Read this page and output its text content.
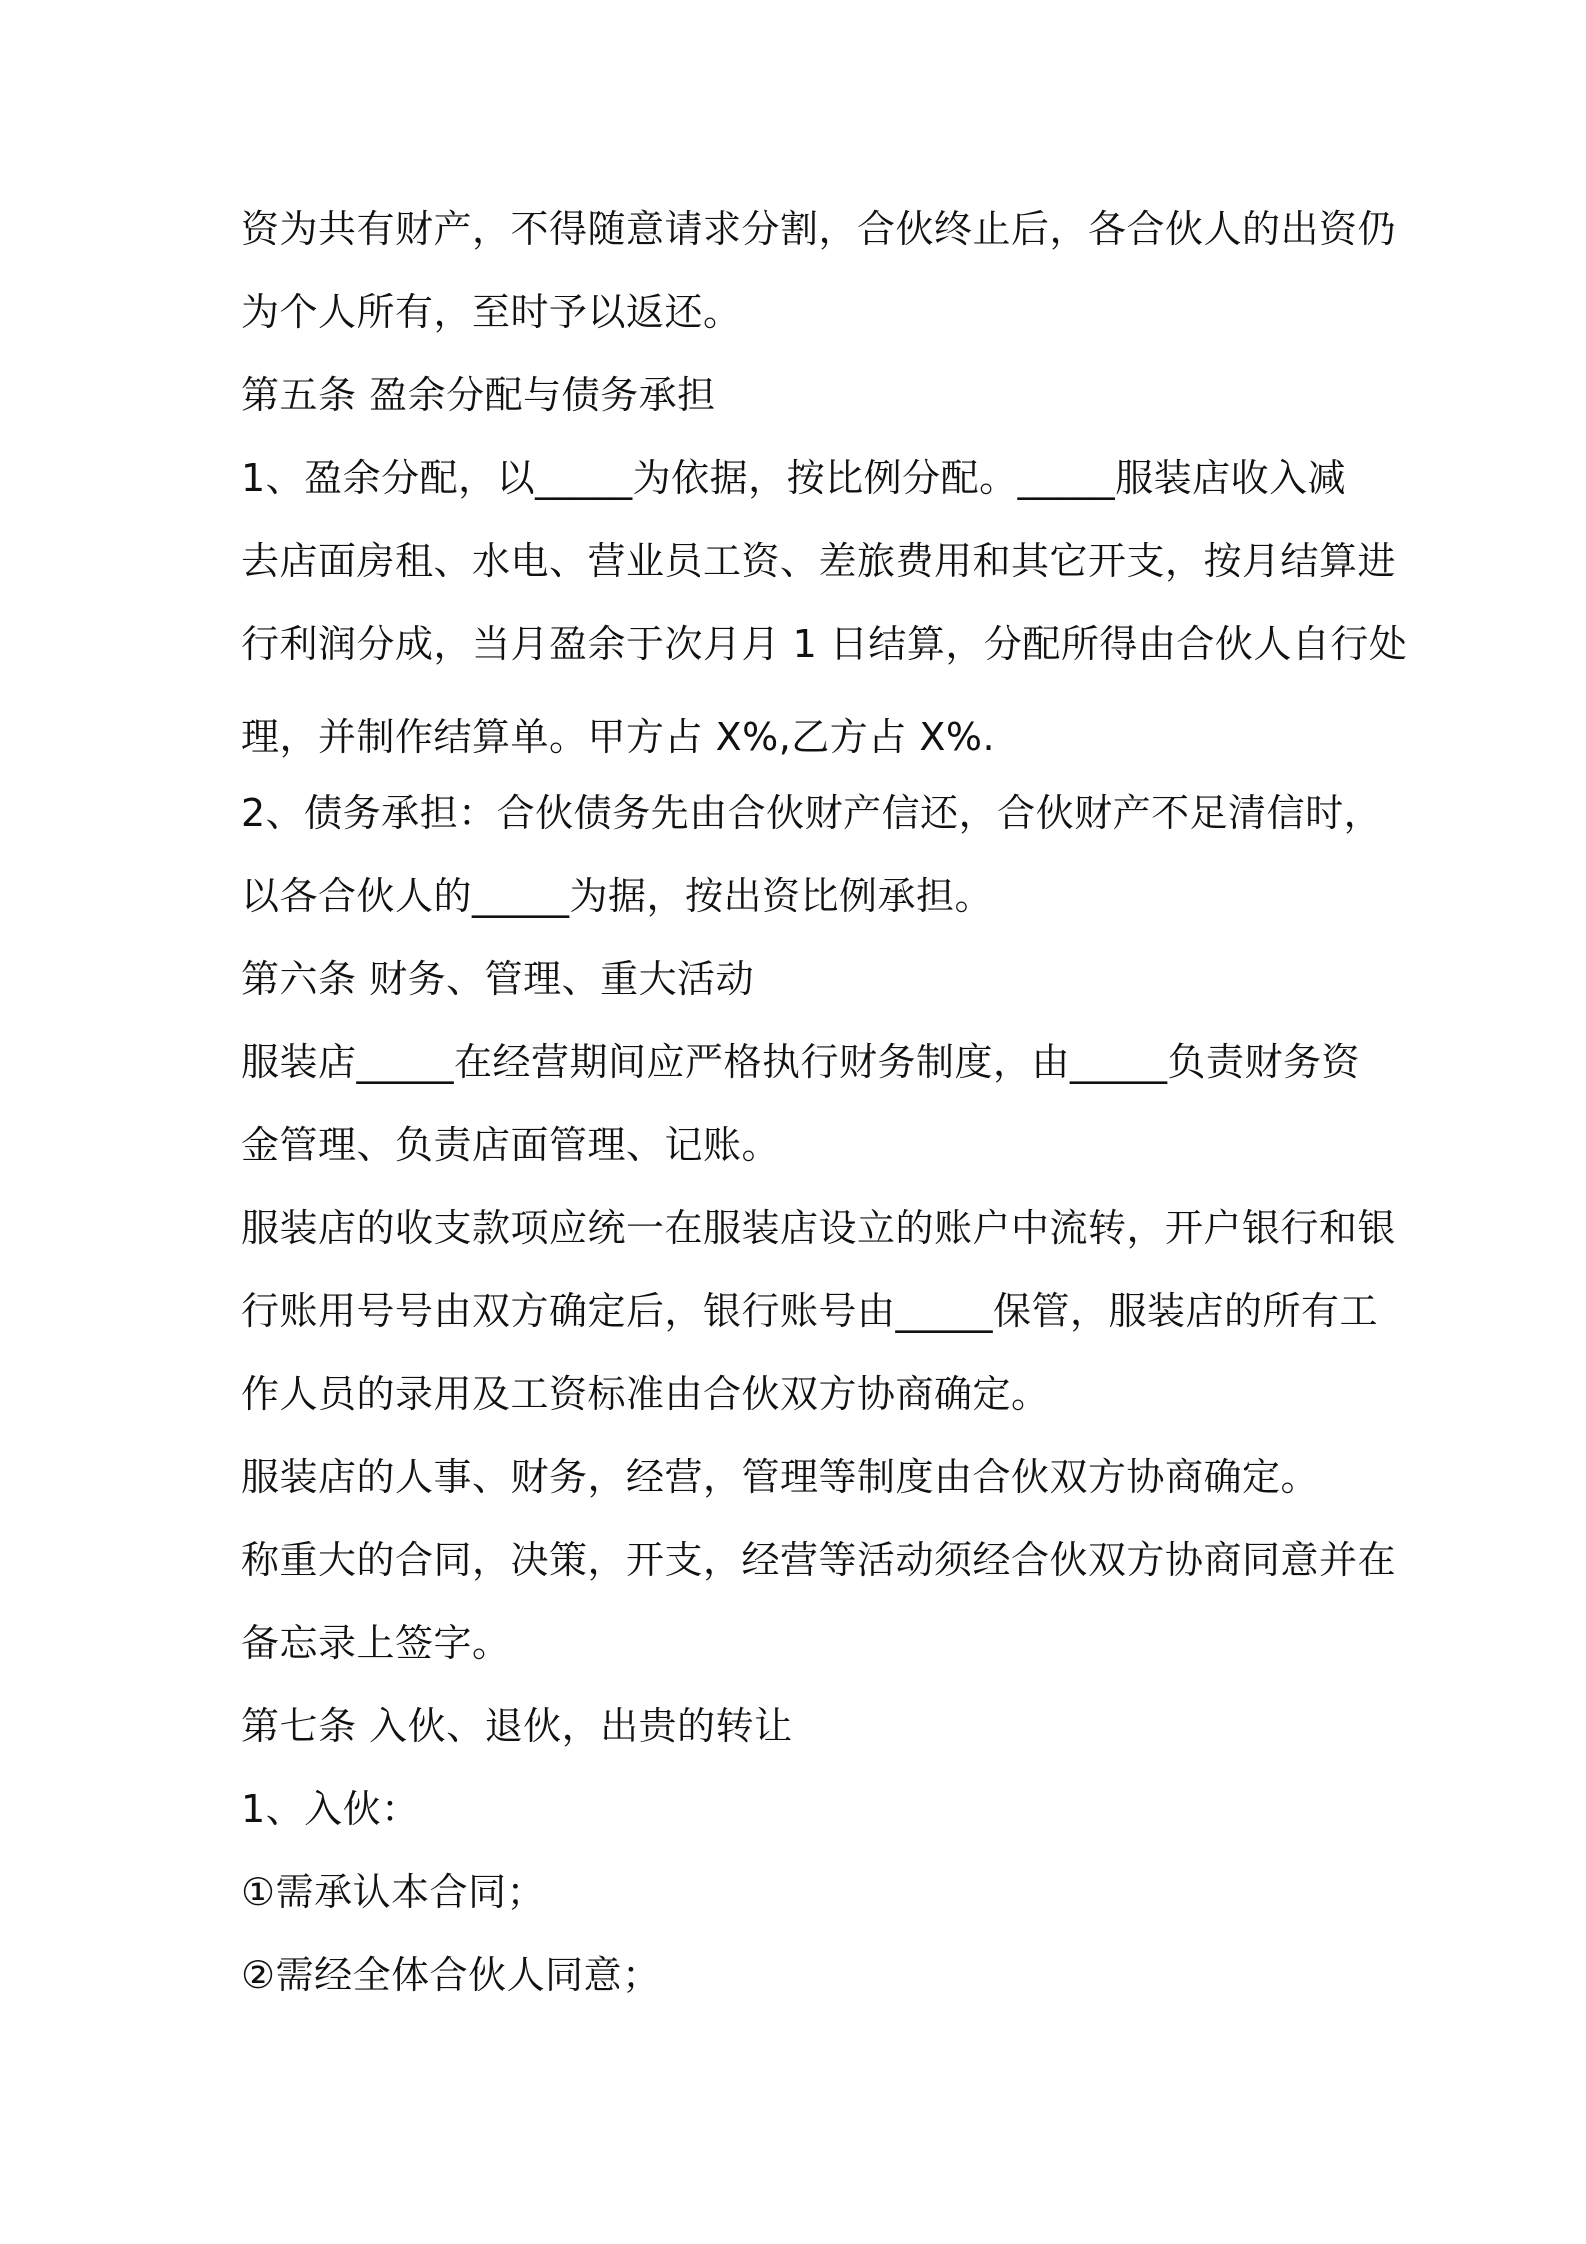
资为共有财产，不得随意请求分割，合伙终止后，各合伙人的出资仍
为个人所有，至时予以返还。
第五条 盈余分配与债务承担
1、盈余分配，以_____为依据，按比例分配。_____服装店收入减
去店面房租、水电、营业员工资、差旅费用和其它开支，按月结算进
行利润分成，当月盈余于次月月 1 日结算，分配所得由合伙人自行处
理，并制作结算单。甲方占 X%,乙方占 X%.
2、债务承担：合伙债务先由合伙财产信还，合伙财产不足清信时，
以各合伙人的_____为据，按出资比例承担。
第六条 财务、管理、重大活动
服装店_____在经营期间应严格执行财务制度，由_____负责财务资
金管理、负责店面管理、记账。
服装店的收支款项应统一在服装店设立的账户中流转，开户银行和银
行账用号号由双方确定后，银行账号由_____保管，服装店的所有工
作人员的录用及工资标准由合伙双方协商确定。
服装店的人事、财务，经营，管理等制度由合伙双方协商确定。
称重大的合同，决策，开支，经营等活动须经合伙双方协商同意并在
备忘录上签字。
第七条 入伙、退伙，出贵的转让
1、入伙：
①需承认本合同；
②需经全体合伙人同意；
